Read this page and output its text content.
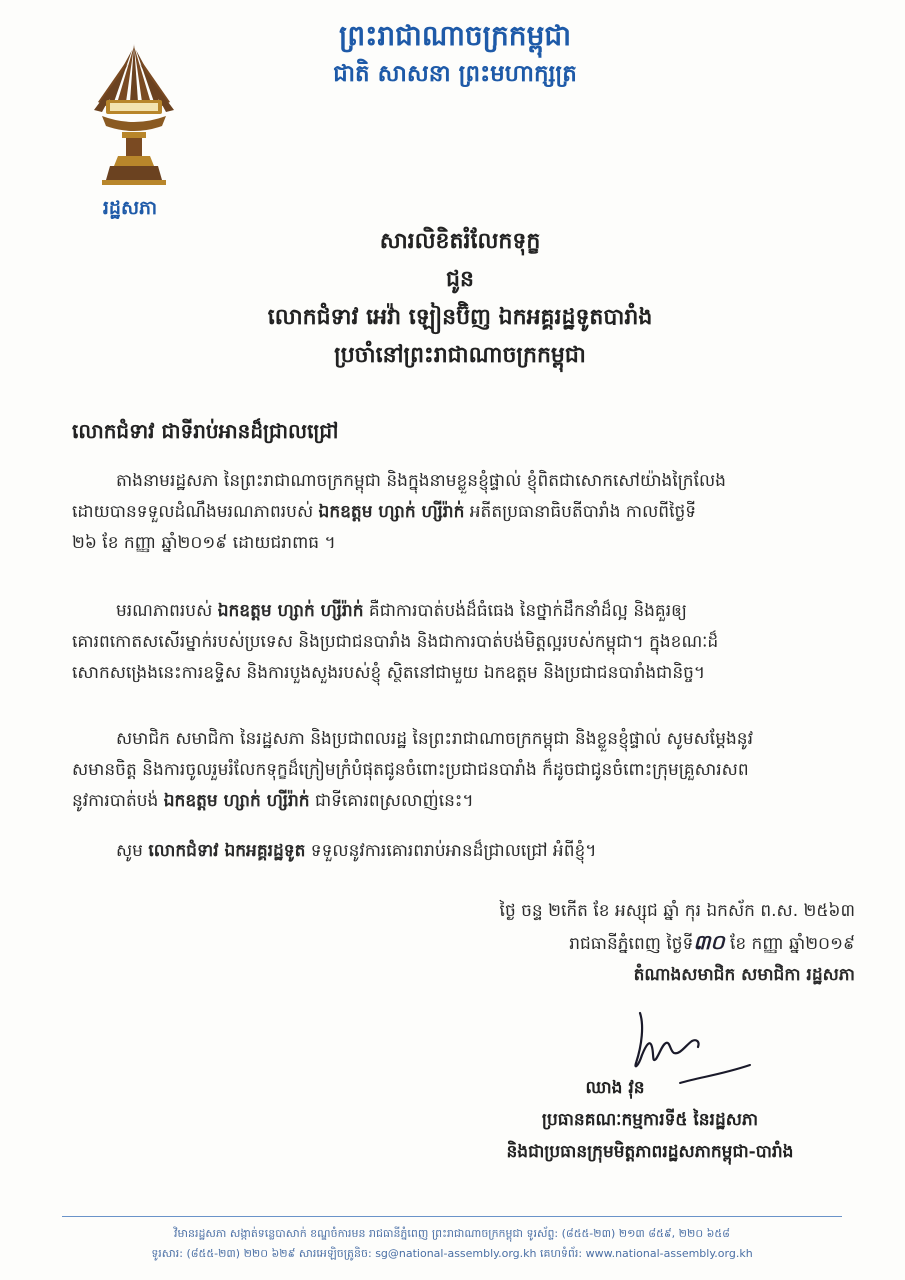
រដ្ឋសភា
ព្រះរាជាណាចក្រកម្ពុជា
ជាតិ សាសនា ព្រះមហាក្សត្រ
សារលិខិតរំលែកទុក្ខ
ជូន
លោកជំទាវ អេវ៉ា ឡៀនប៊ិញ ឯកអគ្គរដ្ឋទូតបារាំង
ប្រចាំនៅព្រះរាជាណាចក្រកម្ពុជា
លោកជំទាវ ជាទីរាប់អានដ៏ជ្រាលជ្រៅ
តាងនាមរដ្ឋសភា នៃព្រះរាជាណាចក្រកម្ពុជា និងក្នុងនាមខ្លួនខ្ញុំផ្ទាល់ ខ្ញុំពិតជាសោកសៅយ៉ាងក្រៃលែង
ដោយបានទទួលដំណឹងមរណភាពរបស់ ឯកឧត្តម ហ្សាក់ ហ្សីរ៉ាក់ អតីតប្រធានាធិបតីបារាំង កាលពីថ្ងៃទី
២៦ ខែ កញ្ញា ឆ្នាំ២០១៩ ដោយជរាពាធ ។
មរណភាពរបស់ ឯកឧត្តម ហ្សាក់ ហ្សីរ៉ាក់ គឺជាការបាត់បង់ដ៏ធំធេង នៃថ្នាក់ដឹកនាំដ៏ល្អ និងគួរឲ្យ
គោរពកោតសសើរម្នាក់របស់ប្រទេស និងប្រជាជនបារាំង និងជាការបាត់បង់មិត្តល្អរបស់កម្ពុជា។ ក្នុងខណៈដ៏
សោកសង្រេងនេះការឧទ្ទិស និងការបួងសួងរបស់ខ្ញុំ ស្ថិតនៅជាមួយ ឯកឧត្តម និងប្រជាជនបារាំងជានិច្ច។
សមាជិក សមាជិកា នៃរដ្ឋសភា និងប្រជាពលរដ្ឋ នៃព្រះរាជាណាចក្រកម្ពុជា និងខ្លួនខ្ញុំផ្ទាល់ សូមសម្តែងនូវ
សមានចិត្ត និងការចូលរួមរំលែកទុក្ខដ៏ក្រៀមក្រំបំផុតជូនចំពោះប្រជាជនបារាំង ក៏ដូចជាជូនចំពោះក្រុមគ្រួសារសព
នូវការបាត់បង់ ឯកឧត្តម ហ្សាក់ ហ្សីរ៉ាក់ ជាទីគោរពស្រលាញ់នេះ។
សូម លោកជំទាវ ឯកអគ្គរដ្ឋទូត ទទួលនូវការគោរពរាប់អានដ៏ជ្រាលជ្រៅ អំពីខ្ញុំ។
ថ្ងៃ ចន្ទ ២កើត ខែ អស្សុជ ឆ្នាំ កុរ ឯកស័ក ព.ស. ២៥៦៣
រាជធានីភ្នំពេញ ថ្ងៃទី៣០ ខែ កញ្ញា ឆ្នាំ២០១៩
តំណាងសមាជិក សមាជិកា រដ្ឋសភា
ឈាង វុន
ប្រធានគណៈកម្មការទី៥ នៃរដ្ឋសភា
និងជាប្រធានក្រុមមិត្តភាពរដ្ឋសភាកម្ពុជា-បារាំង
វិមានរដ្ឋសភា សង្កាត់ទន្លេបាសាក់ ខណ្ឌចំការមន រាជធានីភ្នំពេញ ព្រះរាជាណាចក្រកម្ពុជា ទូរស័ព្ទ: (៨៥៥-២៣) ២១៣ ៨៥៩, ២២០ ៦៥៨
ទូរសារ: (៨៥៥-២៣) ២២០ ៦២៩ សារអេឡិចត្រូនិច: sg@national-assembly.org.kh គេហទំព័រ: www.national-assembly.org.kh
